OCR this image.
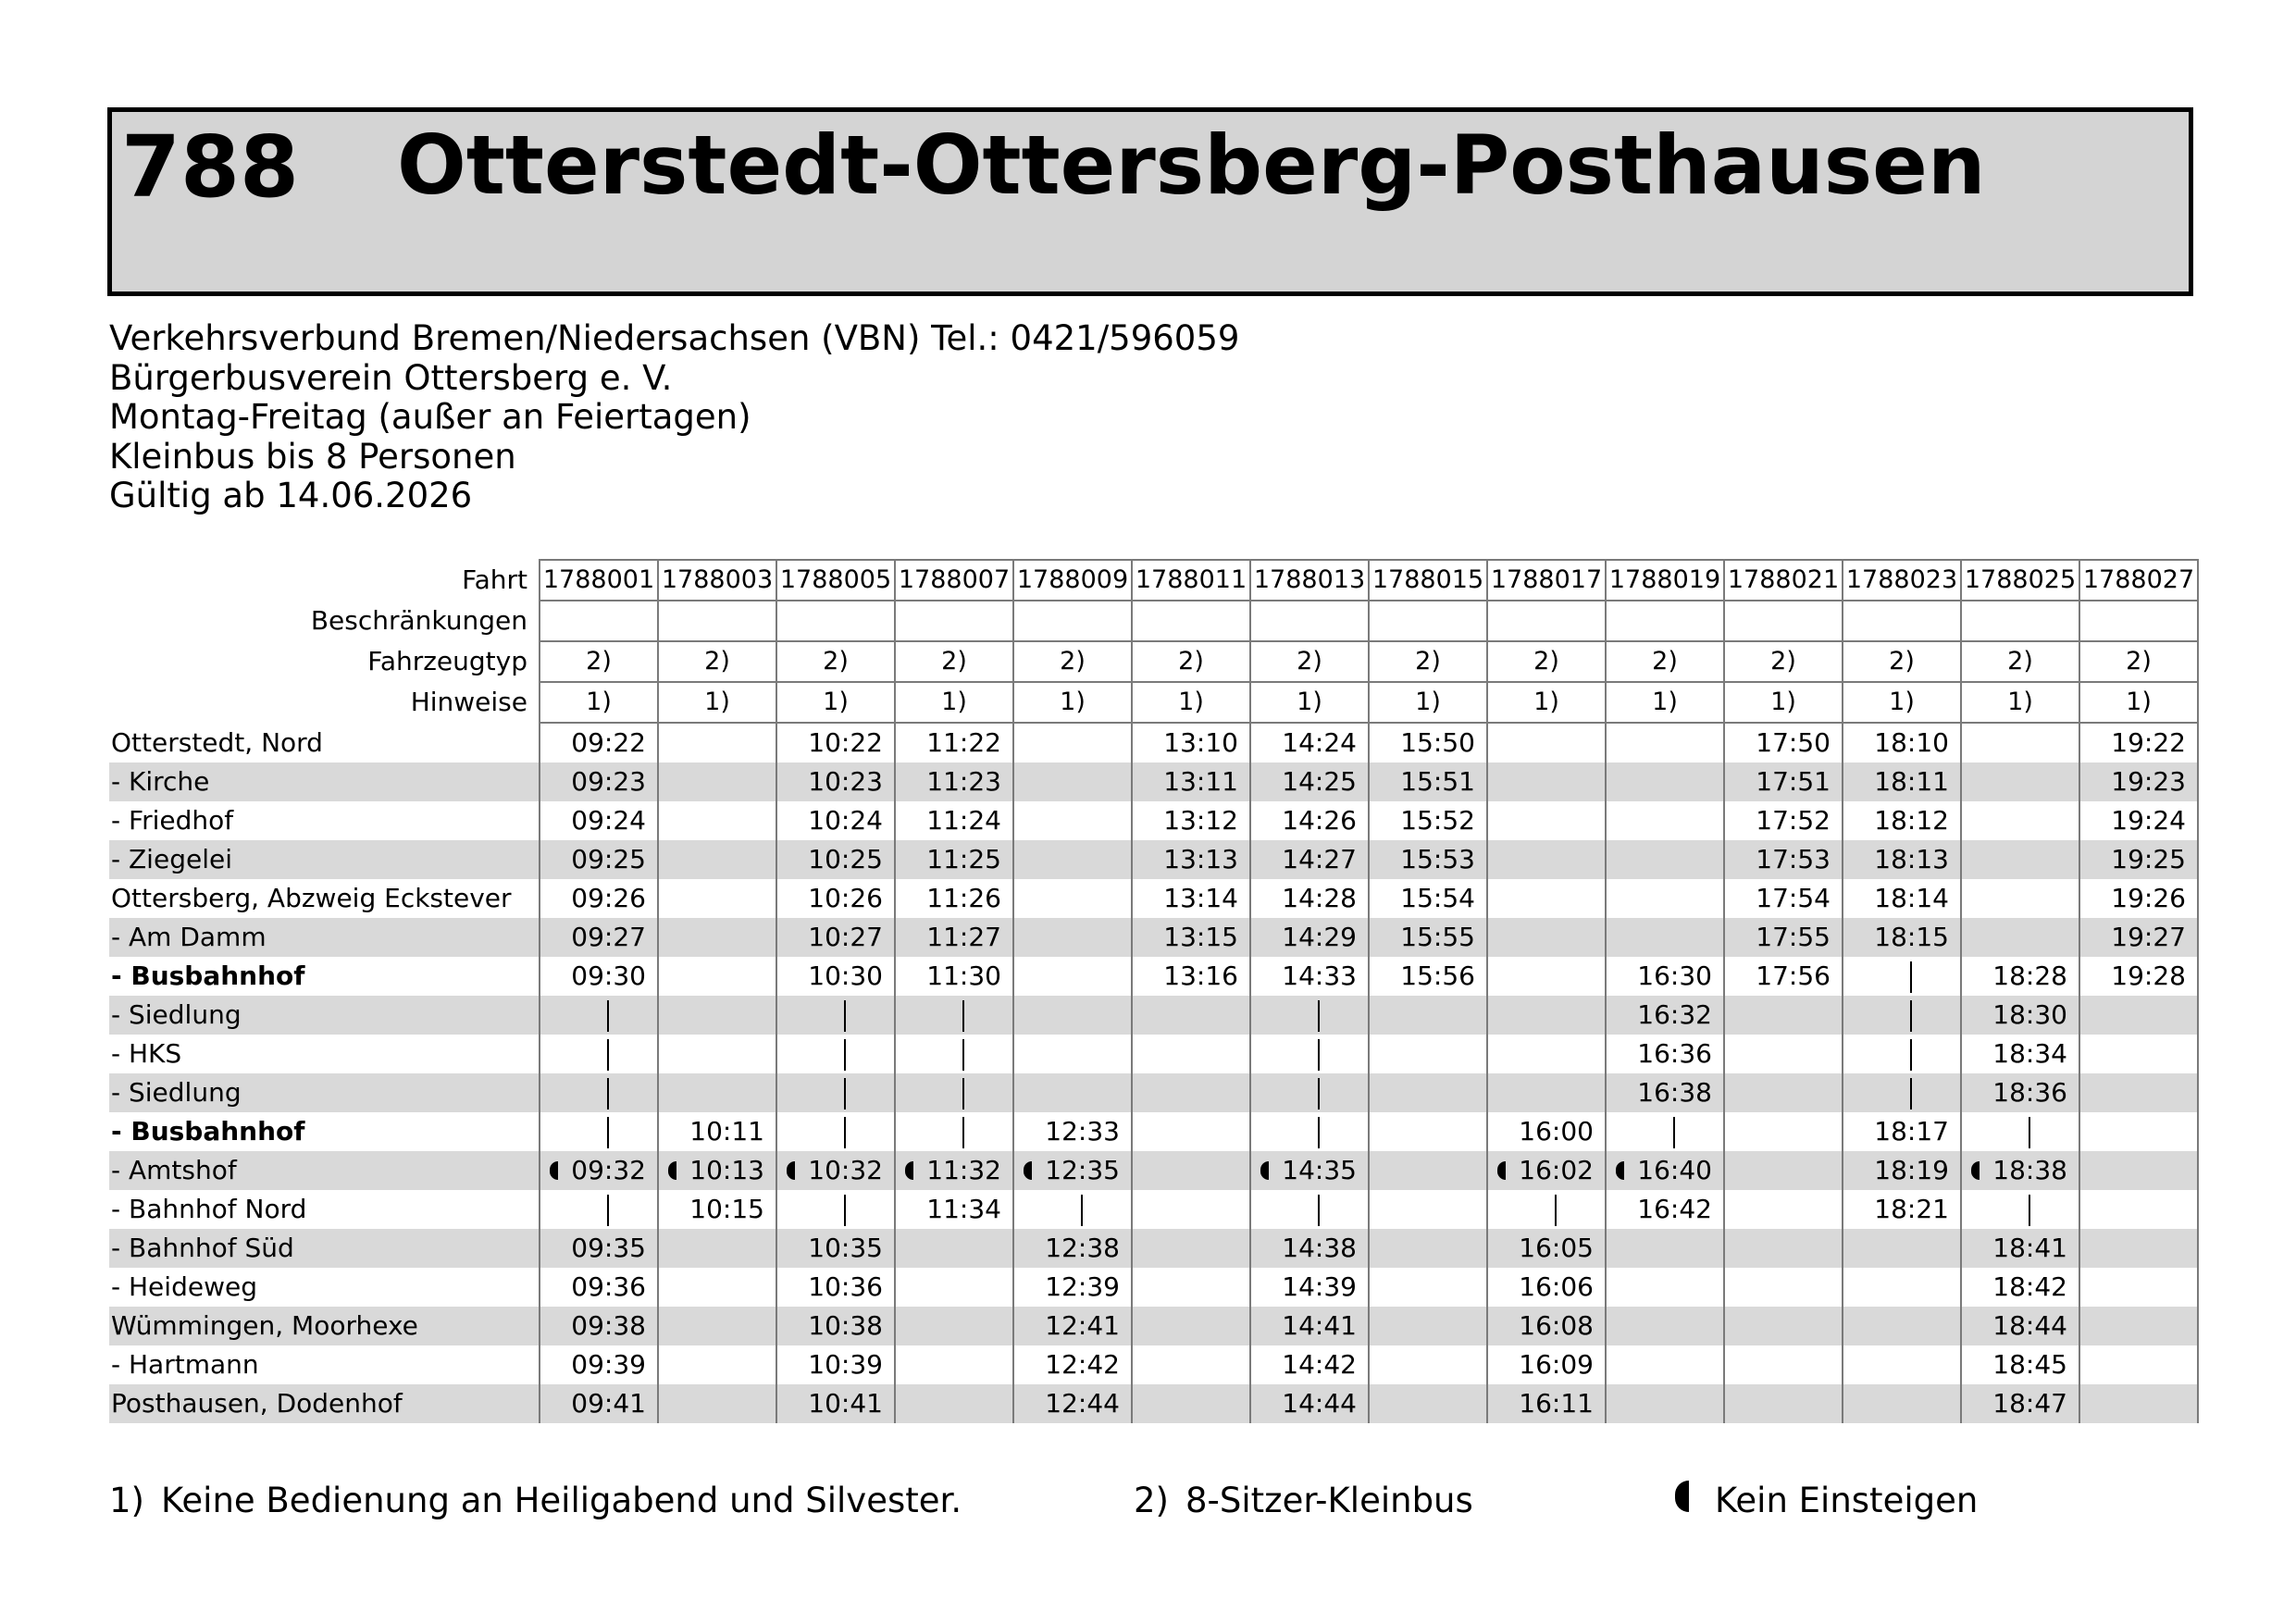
788 Otterstedt-Ottersberg-Posthausen
Verkehrsverbund Bremen/Niedersachsen (VBN) Tel.: 0421/596059
Bürgerbusverein Ottersberg e. V.
Montag-Freitag (außer an Feiertagen)
Kleinbus bis 8 Personen
Gültig ab 14.06.2026
Fahrt	1788001	1788003	1788005	1788007	1788009	1788011	1788013	1788015	1788017	1788019	1788021	1788023	1788025	1788027
Beschränkungen														
Fahrzeugtyp	2)	2)	2)	2)	2)	2)	2)	2)	2)	2)	2)	2)	2)	2)
Hinweise	1)	1)	1)	1)	1)	1)	1)	1)	1)	1)	1)	1)	1)	1)
Otterstedt, Nord	09:22		10:22	11:22		13:10	14:24	15:50			17:50	18:10		19:22
- Kirche	09:23		10:23	11:23		13:11	14:25	15:51			17:51	18:11		19:23
- Friedhof	09:24		10:24	11:24		13:12	14:26	15:52			17:52	18:12		19:24
- Ziegelei	09:25		10:25	11:25		13:13	14:27	15:53			17:53	18:13		19:25
Ottersberg, Abzweig Eckstever	09:26		10:26	11:26		13:14	14:28	15:54			17:54	18:14		19:26
- Am Damm	09:27		10:27	11:27		13:15	14:29	15:55			17:55	18:15		19:27
- Busbahnhof	09:30		10:30	11:30		13:16	14:33	15:56		16:30	17:56		18:28	19:28
- Siedlung										16:32			18:30	
- HKS										16:36			18:34	
- Siedlung										16:38			18:36	
- Busbahnhof		10:11			12:33				16:00			18:17		
- Amtshof	09:32	10:13	10:32	11:32	12:35		14:35		16:02	16:40		18:19	18:38	
- Bahnhof Nord		10:15		11:34						16:42		18:21		
- Bahnhof Süd	09:35		10:35		12:38		14:38		16:05				18:41	
- Heideweg	09:36		10:36		12:39		14:39		16:06				18:42	
Wümmingen, Moorhexe	09:38		10:38		12:41		14:41		16:08				18:44	
- Hartmann	09:39		10:39		12:42		14:42		16:09				18:45	
Posthausen, Dodenhof	09:41		10:41		12:44		14:44		16:11				18:47	
1) Keine Bedienung an Heiligabend und Silvester.	2) 8-Sitzer-Kleinbus	Kein Einsteigen
